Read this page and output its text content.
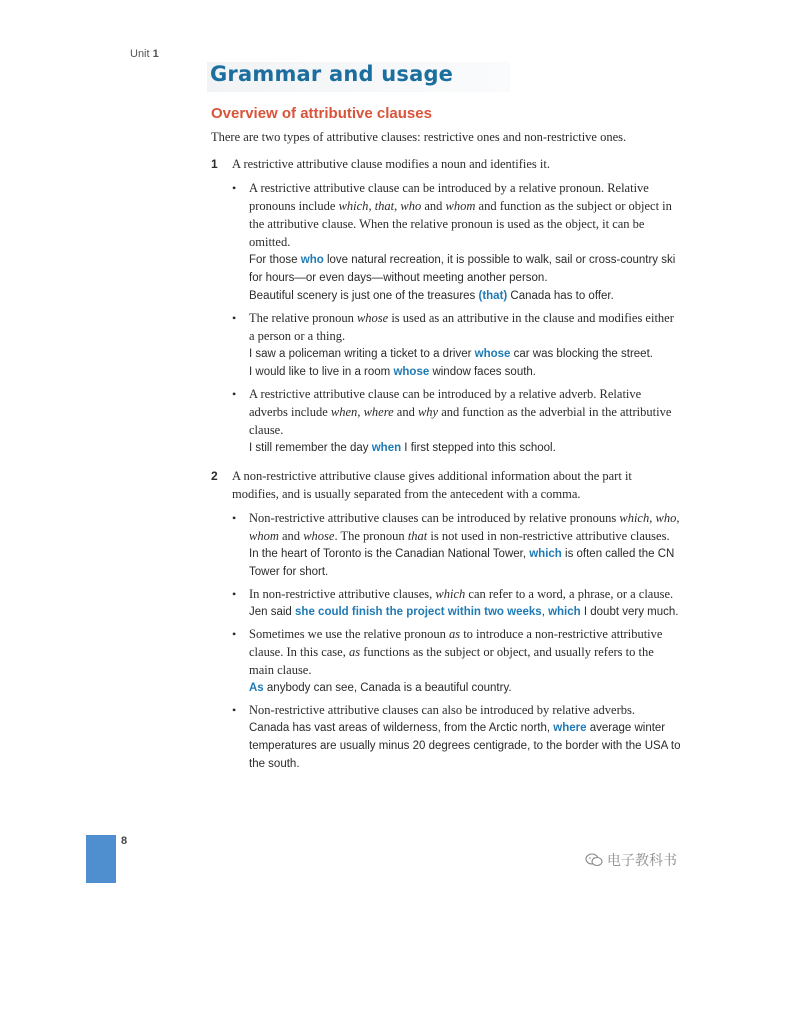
Unit 1
Grammar and usage
Overview of attributive clauses

There are two types of attributive clauses: restrictive ones and non-restrictive ones.

1 A restrictive attributive clause modifies a noun and identifies it.
• A restrictive attributive clause can be introduced by a relative pronoun. Relative pronouns include which, that, who and whom and function as the subject or object in the attributive clause. When the relative pronoun is used as the object, it can be omitted.

For those who love natural recreation, it is possible to walk, sail or cross-country ski for hours—or even days—without meeting another person.

Beautiful scenery is just one of the treasures (that) Canada has to offer.

• The relative pronoun whose is used as an attributive in the clause and modifies either a person or a thing.

I saw a policeman writing a ticket to a driver whose car was blocking the street.

I would like to live in a room whose window faces south.

• A restrictive attributive clause can be introduced by a relative adverb. Relative adverbs include when, where and why and function as the adverbial in the attributive clause.

I still remember the day when I first stepped into this school.

2 A non-restrictive attributive clause gives additional information about the part it modifies, and is usually separated from the antecedent with a comma.
• Non-restrictive attributive clauses can be introduced by relative pronouns which, who, whom and whose. The pronoun that is not used in non-restrictive attributive clauses.

In the heart of Toronto is the Canadian National Tower, which is often called the CN Tower for short.

• In non-restrictive attributive clauses, which can refer to a word, a phrase, or a clause.

Jen said she could finish the project within two weeks, which I doubt very much.

• Sometimes we use the relative pronoun as to introduce a non-restrictive attributive clause. In this case, as functions as the subject or object, and usually refers to the main clause.

As anybody can see, Canada is a beautiful country.

• Non-restrictive attributive clauses can also be introduced by relative adverbs.

Canada has vast areas of wilderness, from the Arctic north, where average winter temperatures are usually minus 20 degrees centigrade, to the border with the USA to the south.

8
电子教科书
